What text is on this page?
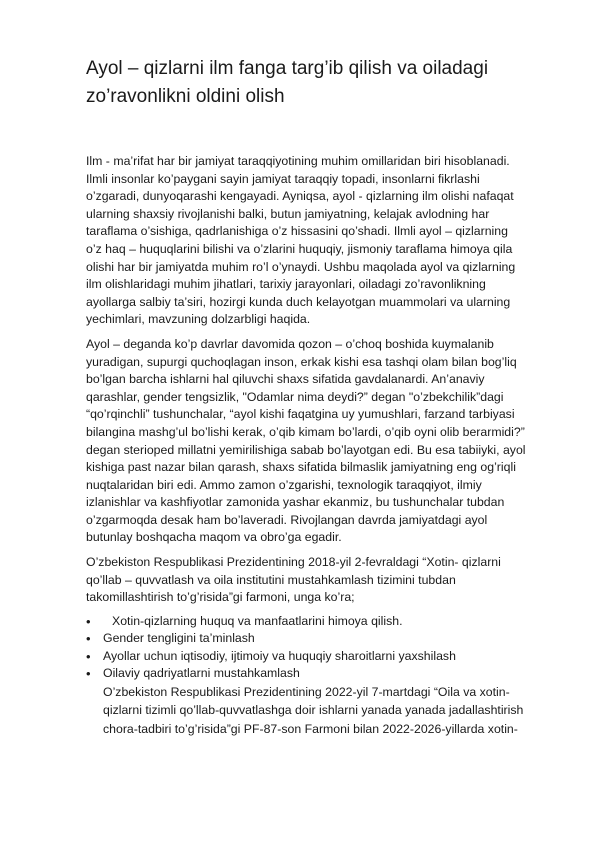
Ayol – qizlarni ilm fanga targ’ib qilish va oiladagi zo’ravonlikni oldini olish

Ilm - ma’rifat har bir jamiyat taraqqiyotining muhim omillaridan biri hisoblanadi. Ilmli insonlar ko’paygani sayin jamiyat taraqqiy topadi, insonlarni fikrlashi o’zgaradi, dunyoqarashi kengayadi. Ayniqsa, ayol - qizlarning ilm olishi nafaqat ularning shaxsiy rivojlanishi balki, butun jamiyatning, kelajak avlodning har taraflama o’sishiga, qadrlanishiga o’z hissasini qo’shadi. Ilmli ayol – qizlarning o’z haq – huquqlarini bilishi va o’zlarini huquqiy, jismoniy taraflama himoya qila olishi har bir jamiyatda muhim ro’l o’ynaydi. Ushbu maqolada ayol va qizlarning ilm olishlaridagi muhim jihatlari, tarixiy jarayonlari, oiladagi zo’ravonlikning ayollarga salbiy ta’siri, hozirgi kunda duch kelayotgan muammolari va ularning yechimlari, mavzuning dolzarbligi haqida.

Ayol – deganda ko’p davrlar davomida qozon – o’choq boshida kuymalanib yuradigan, supurgi quchoqlagan inson, erkak kishi esa tashqi olam bilan bog’liq bo’lgan barcha ishlarni hal qiluvchi shaxs sifatida gavdalanardi. An’anaviy qarashlar, gender tengsizlik, "Odamlar nima deydi?” degan "o’zbekchilik”dagi “qo’rqinchli” tushunchalar, “ayol kishi faqatgina uy yumushlari, farzand tarbiyasi bilangina mashg’ul bo’lishi kerak, o’qib kimam bo’lardi, o’qib oyni olib berarmidi?” degan sterioped millatni yemirilishiga sabab bo’layotgan edi. Bu esa tabiiyki, ayol kishiga past nazar bilan qarash, shaxs sifatida bilmaslik jamiyatning eng og’riqli nuqtalaridan biri edi. Ammo zamon o’zgarishi, texnologik taraqqiyot, ilmiy izlanishlar va kashfiyotlar zamonida yashar ekanmiz, bu tushunchalar tubdan o’zgarmoqda desak ham bo’laveradi. Rivojlangan davrda jamiyatdagi ayol butunlay boshqacha maqom va obro’ga egadir.

O’zbekiston Respublikasi Prezidentining 2018-yil 2-fevraldagi “Xotin- qizlarni qo’llab – quvvatlash va oila institutini mustahkamlash tizimini tubdan takomillashtirish to’g’risida”gi farmoni, unga ko’ra;

• Xotin-qizlarning huquq va manfaatlarini himoya qilish.
• Gender tengligini ta’minlash
• Ayollar uchun iqtisodiy, ijtimoiy va huquqiy sharoitlarni yaxshilash
• Oilaviy qadriyatlarni mustahkamlash

O’zbekiston Respublikasi Prezidentining 2022-yil 7-martdagi “Oila va xotin-qizlarni tizimli qo’llab-quvvatlashga doir ishlarni yanada yanada jadallashtirish chora-tadbiri to’g’risida”gi PF-87-son Farmoni bilan 2022-2026-yillarda xotin-
